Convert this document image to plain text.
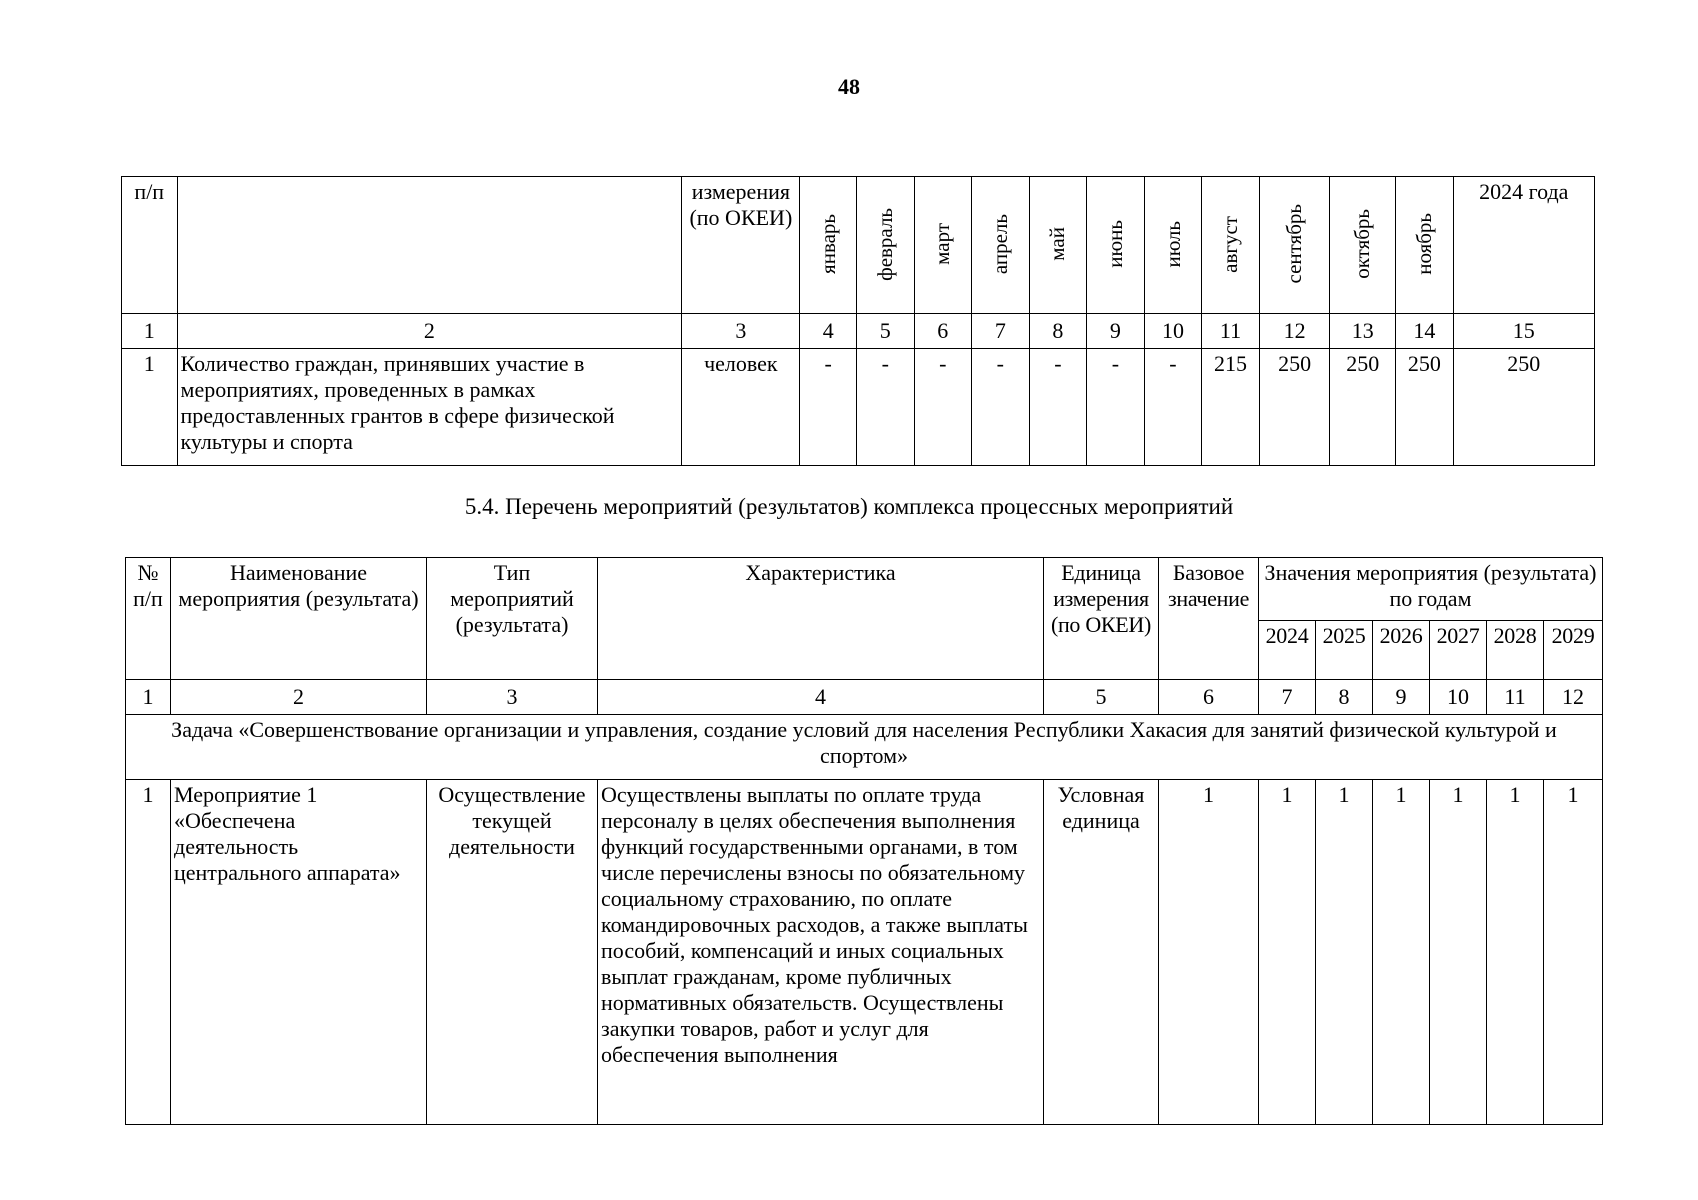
48
п/п		измерения (по ОКЕИ)	январь	февраль	март	апрель	май	июнь	июль	август	сентябрь	октябрь	ноябрь	2024 года
1	2	3	4	5	6	7	8	9	10	11	12	13	14	15
1	Количество граждан, принявших участие в мероприятиях, проведенных в рамках предоставленных грантов в сфере физической культуры и спорта	человек	-	-	-	-	-	-	-	215	250	250	250	250
5.4. Перечень мероприятий (результатов) комплекса процессных мероприятий
№ п/п	Наименование мероприятия (результата)	Тип мероприятий (результата)	Характеристика	Единица измерения (по ОКЕИ)	Базовое значение	Значения мероприятия (результата) по годам					
						2024	2025	2026	2027	2028	2029
1	2	3	4	5	6	7	8	9	10	11	12
Задача «Совершенствование организации и управления, создание условий для населения Республики Хакасия для занятий физической культурой и спортом»											
1	Мероприятие 1 «Обеспечена деятельность центрального аппарата»	Осуществление текущей деятельности	Осуществлены выплаты по оплате труда персоналу в целях обеспечения выполнения функций государственными органами, в том числе перечислены взносы по обязательному социальному страхованию, по оплате командировочных расходов, а также выплаты пособий, компенсаций и иных социальных выплат гражданам, кроме публичных нормативных обязательств. Осуществлены закупки товаров, работ и услуг для обеспечения выполнения	Условная единица	1	1	1	1	1	1	1
